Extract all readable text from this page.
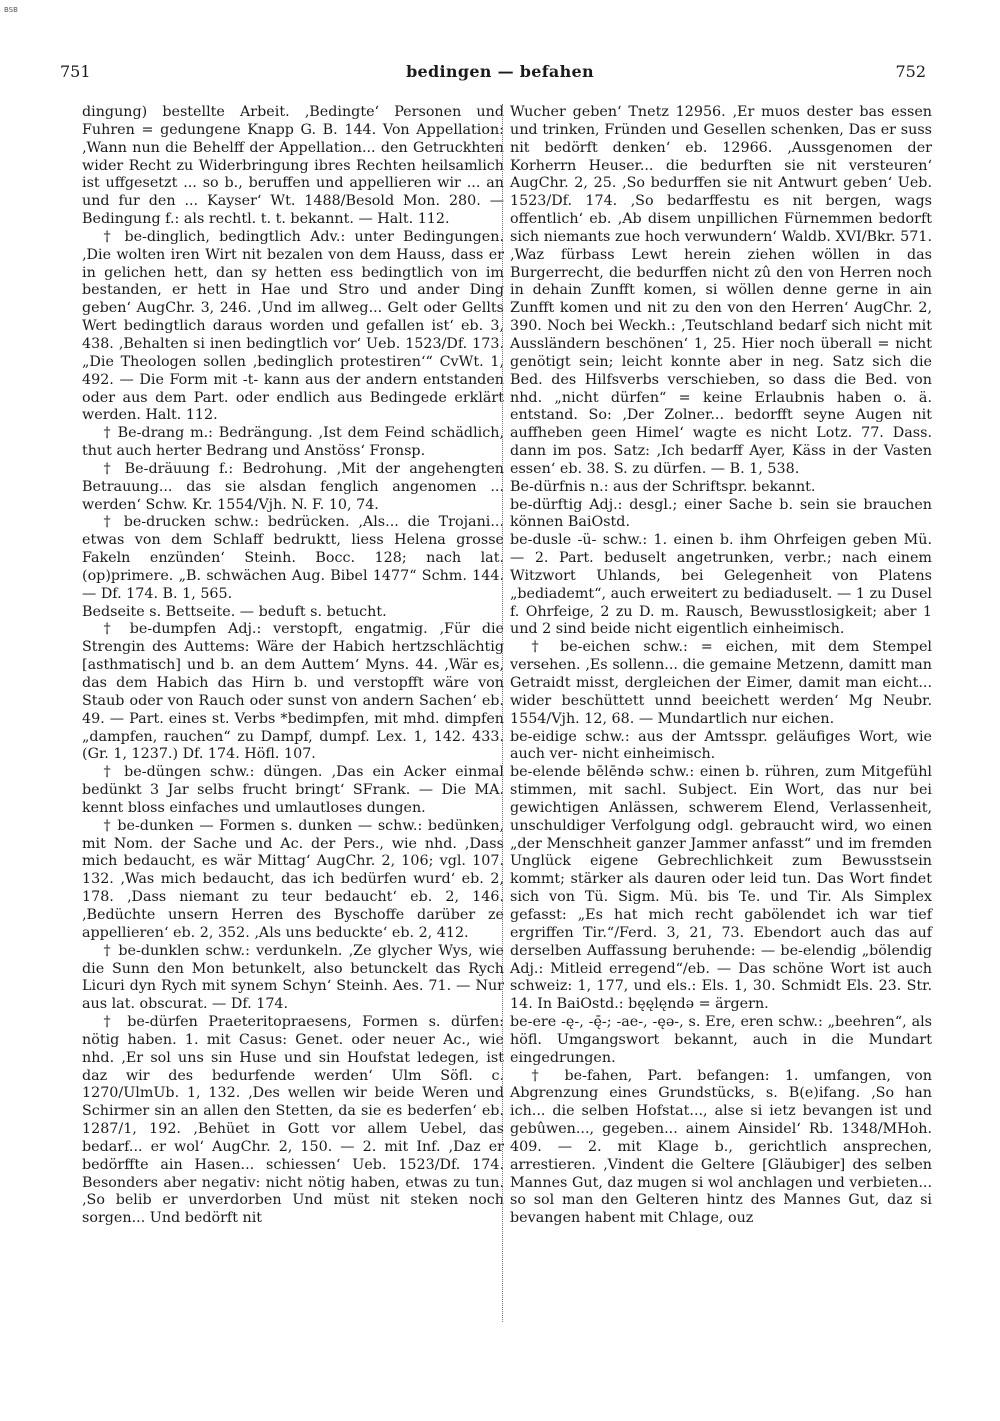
BSB
751	bedingen — befahen	752

dingung) bestellte Arbeit. ‚Bedingte‘ Personen und Fuhren = gedungene Knapp G. B. 144. Von Appellation: ‚Wann nun die Behelff der Appellation... den Getruckhten wider Recht zu Widerbringung ibres Rechten heilsamlich ist uffgesetzt ... so b., beruffen und appellieren wir ... an und fur den ... Kayser‘ Wt. 1488/Besold Mon. 280. — Bedingung f.: als rechtl. t. t. bekannt. — Halt. 112.

† be-dinglich, bedingtlich Adv.: unter Bedingungen. ‚Die wolten iren Wirt nit bezalen von dem Hauss, dass er in gelichen hett, dan sy hetten ess bedingtlich von im bestanden, er hett in Hae und Stro und ander Ding geben‘ AugChr. 3, 246. ‚Und im allweg... Gelt oder Gellts Wert bedingtlich daraus worden und gefallen ist‘ eb. 3, 438. ‚Behalten si inen bedingtlich vor‘ Ueb. 1523/Df. 173. „Die Theologen sollen ‚bedinglich protestiren‘“ CvWt. 1, 492. — Die Form mit -t- kann aus der andern entstanden oder aus dem Part. oder endlich aus Bedingede erklärt werden. Halt. 112.

† Be-drang m.: Bedrängung. ‚Ist dem Feind schädlich, thut auch herter Bedrang und Anstöss‘ Fronsp.

† Be-dräuung f.: Bedrohung. ‚Mit der angehengten Betrauung... das sie alsdan fenglich angenomen ... werden‘ Schw. Kr. 1554/Vjh. N. F. 10, 74.

† be-drucken schw.: bedrücken. ‚Als... die Trojani... etwas von dem Schlaff bedruktt, liess Helena grosse Fakeln enzünden‘ Steinh. Bocc. 128; nach lat. (op)primere. „B. schwächen Aug. Bibel 1477“ Schm. 144. — Df. 174. B. 1, 565.

Bedseite s. Bettseite. — beduft s. betucht.

† be-dumpfen Adj.: verstopft, engatmig. ‚Für die Strengin des Auttems: Wäre der Habich hertzschlächtig [asthmatisch] und b. an dem Auttem‘ Myns. 44. ‚Wär es, das dem Habich das Hirn b. und verstopfft wäre von Staub oder von Rauch oder sunst von andern Sachen‘ eb. 49. — Part. eines st. Verbs *bedimpfen, mit mhd. dimpfen „dampfen, rauchen“ zu Dampf, dumpf. Lex. 1, 142. 433. (Gr. 1, 1237.) Df. 174. Höfl. 107.

† be-düngen schw.: düngen. ‚Das ein Acker einmal bedünkt 3 Jar selbs frucht bringt‘ SFrank. — Die MA. kennt bloss einfaches und umlautloses dungen.

† be-dunken — Formen s. dunken — schw.: bedünken, mit Nom. der Sache und Ac. der Pers., wie nhd. ‚Dass mich bedaucht, es wär Mittag‘ AugChr. 2, 106; vgl. 107. 132. ‚Was mich bedaucht, das ich bedürfen wurd‘ eb. 2, 178. ‚Dass niemant zu teur bedaucht‘ eb. 2, 146. ‚Bedüchte unsern Herren des Byschoffe darüber ze appellieren‘ eb. 2, 352. ‚Als uns beduckte‘ eb. 2, 412.

† be-dunklen schw.: verdunkeln. ‚Ze glycher Wys, wie die Sunn den Mon betunkelt, also betunckelt das Rych Licuri dyn Rych mit synem Schyn‘ Steinh. Aes. 71. — Nur aus lat. obscurat. — Df. 174.

† be-dürfen Praeteritopraesens, Formen s. dürfen: nötig haben. 1. mit Casus: Genet. oder neuer Ac., wie nhd. ‚Er sol uns sin Huse und sin Houfstat ledegen, ist daz wir des bedurfende werden‘ Ulm Söfl. c. 1270/UlmUb. 1, 132. ‚Des wellen wir beide Weren und Schirmer sin an allen den Stetten, da sie es bederfen‘ eb. 1287/1, 192. ‚Behüet in Gott vor allem Uebel, das bedarf... er wol‘ AugChr. 2, 150. — 2. mit Inf. ‚Daz er bedörffte ain Hasen... schiessen‘ Ueb. 1523/Df. 174. Besonders aber negativ: nicht nötig haben, etwas zu tun. ‚So belib er unverdorben Und müst nit steken noch sorgen... Und bedörft nit

Wucher geben‘ Tnetz 12956. ‚Er muos dester bas essen und trinken, Fründen und Gesellen schenken, Das er suss nit bedörft denken‘ eb. 12966. ‚Aussgenomen der Korherrn Heuser... die bedurften sie nit versteuren‘ AugChr. 2, 25. ‚So bedurffen sie nit Antwurt geben‘ Ueb. 1523/Df. 174. ‚So bedarffestu es nit bergen, wags offentlich‘ eb. ‚Ab disem unpillichen Fürnemmen bedorft sich niemants zue hoch verwundern‘ Waldb. XVI/Bkr. 571. ‚Waz fürbass Lewt herein ziehen wöllen in das Burgerrecht, die bedurffen nicht zû den von Herren noch in dehain Zunfft komen, si wöllen denne gerne in ain Zunfft komen und nit zu den von den Herren‘ AugChr. 2, 390. Noch bei Weckh.: ‚Teutschland bedarf sich nicht mit Aussländern beschönen‘ 1, 25. Hier noch überall = nicht genötigt sein; leicht konnte aber in neg. Satz sich die Bed. des Hilfsverbs verschieben, so dass die Bed. von nhd. „nicht dürfen“ = keine Erlaubnis haben o. ä. entstand. So: ‚Der Zolner... bedorfft seyne Augen nit auffheben geen Himel‘ wagte es nicht Lotz. 77. Dass. dann im pos. Satz: ‚Ich bedarff Ayer, Käss in der Vasten essen‘ eb. 38. S. zu dürfen. — B. 1, 538.

Be-dürfnis n.: aus der Schriftspr. bekannt.

be-dürftig Adj.: desgl.; einer Sache b. sein sie brauchen können BaiOstd.

be-dusle -ü- schw.: 1. einen b. ihm Ohrfeigen geben Mü. — 2. Part. beduselt angetrunken, verbr.; nach einem Witzwort Uhlands, bei Gelegenheit von Platens „bediademt“, auch erweitert zu bediaduselt. — 1 zu Dusel f. Ohrfeige, 2 zu D. m. Rausch, Bewusstlosigkeit; aber 1 und 2 sind beide nicht eigentlich einheimisch.

† be-eichen schw.: = eichen, mit dem Stempel versehen. ‚Es sollenn... die gemaine Metzenn, damitt man Getraidt misst, dergleichen der Eimer, damit man eicht... wider beschüttett unnd beeichett werden‘ Mg Neubr. 1554/Vjh. 12, 68. — Mundartlich nur eichen.

be-eidige schw.: aus der Amtsspr. geläufiges Wort, wie auch ver- nicht einheimisch.

be-elende bēlēndə schw.: einen b. rühren, zum Mitgefühl stimmen, mit sachl. Subject. Ein Wort, das nur bei gewichtigen Anlässen, schwerem Elend, Verlassenheit, unschuldiger Verfolgung odgl. gebraucht wird, wo einen „der Menschheit ganzer Jammer anfasst“ und im fremden Unglück eigene Gebrechlichkeit zum Bewusstsein kommt; stärker als dauren oder leid tun. Das Wort findet sich von Tü. Sigm. Mü. bis Te. und Tir. Als Simplex gefasst: „Es hat mich recht gabölendet ich war tief ergriffen Tir.“/Ferd. 3, 21, 73. Ebendort auch das auf derselben Auffassung beruhende: — be-elendig „bölendig Adj.: Mitleid erregend“/eb. — Das schöne Wort ist auch schweiz: 1, 177, und els.: Els. 1, 30. Schmidt Els. 23. Str. 14. In BaiOstd.: bęęlęndə = ärgern.

be-ere -ę-, -ę̄-; -ae-, -ęə-, s. Ere, eren schw.: „beehren“, als höfl. Umgangswort bekannt, auch in die Mundart eingedrungen.

† be-fahen, Part. befangen: 1. umfangen, von Abgrenzung eines Grundstücks, s. B(e)ifang. ‚So han ich... die selben Hofstat..., alse si ietz bevangen ist und gebûwen..., gegeben... ainem Ainsidel‘ Rb. 1348/MHoh. 409. — 2. mit Klage b., gerichtlich ansprechen, arrestieren. ‚Vindent die Geltere [Gläubiger] des selben Mannes Gut, daz mugen si wol anchlagen und verbieten... so sol man den Gelteren hintz des Mannes Gut, daz si bevangen habent mit Chlage, ouz
